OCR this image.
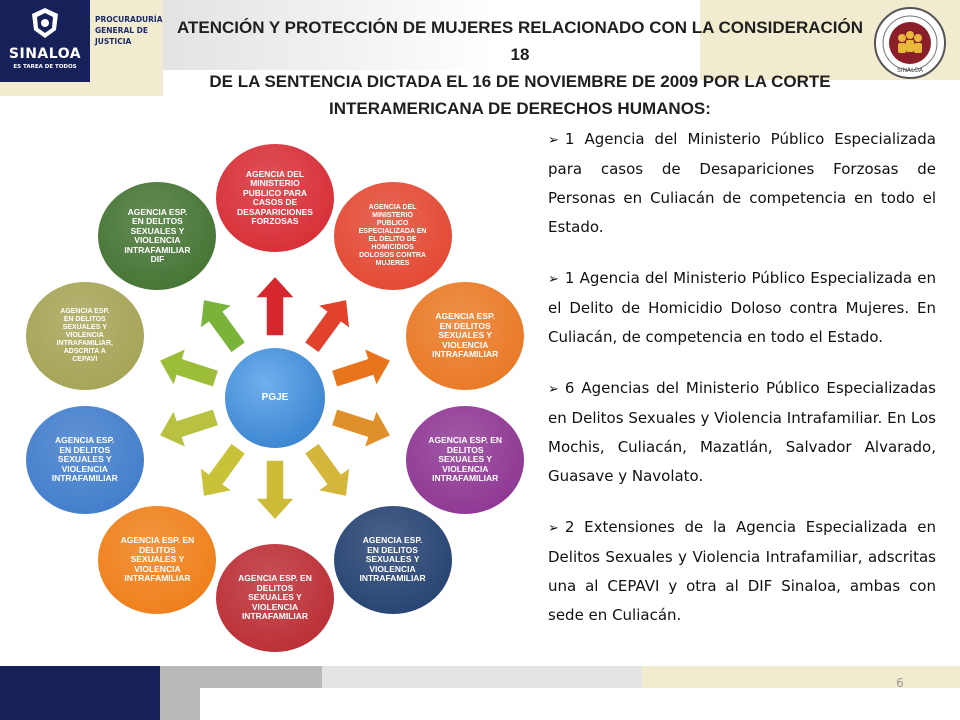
SINALOA
ES TAREA DE TODOS
PROCURADURÍA
GENERAL DE
JUSTICIA
SINALOA
ATENCIÓN Y PROTECCIÓN DE MUJERES RELACIONADO CON LA CONSIDERACIÓN 18
DE LA SENTENCIA DICTADA EL 16 DE NOVIEMBRE DE 2009 POR LA CORTE
INTERAMERICANA DE DERECHOS HUMANOS:
PGJE
AGENCIA DEL
MINISTERIO
PUBLICO PARA
CASOS DE
DESAPARICIONES
FORZOSAS
AGENCIA DEL
MINISTERIO
PUBLICO
ESPECIALIZADA EN
EL DELITO DE
HOMICIDIOS
DOLOSOS CONTRA
MUJERES
AGENCIA ESP.
EN DELITOS
SEXUALES Y
VIOLENCIA
INTRAFAMILIAR
AGENCIA ESP. EN
DELITOS
SEXUALES Y
VIOLENCIA
INTRAFAMILIAR
AGENCIA ESP.
EN DELITOS
SEXUALES Y
VIOLENCIA
INTRAFAMILIAR
AGENCIA ESP. EN
DELITOS
SEXUALES Y
VIOLENCIA
INTRAFAMILIAR
AGENCIA ESP. EN
DELITOS
SEXUALES Y
VIOLENCIA
INTRAFAMILIAR
AGENCIA ESP.
EN DELITOS
SEXUALES Y
VIOLENCIA
INTRAFAMILIAR
AGENCIA ESP.
EN DELITOS
SEXUALES Y
VIOLENCIA
INTRAFAMILIAR,
ADSCRITA A
CEPAVI
AGENCIA ESP.
EN DELITOS
SEXUALES Y
VIOLENCIA
INTRAFAMILIAR
DIF
➢ 1 Agencia del Ministerio Público Especializada para casos de Desapariciones Forzosas de Personas en Culiacán de competencia en todo el Estado.
➢ 1 Agencia del Ministerio Público Especializada en el Delito de Homicidio Doloso contra Mujeres. En Culiacán, de competencia en todo el Estado.
➢ 6 Agencias del Ministerio Público Especializadas en Delitos Sexuales y Violencia Intrafamiliar. En Los Mochis, Culiacán, Mazatlán, Salvador Alvarado, Guasave y Navolato.
➢ 2 Extensiones de la Agencia Especializada en Delitos Sexuales y Violencia Intrafamiliar, adscritas una al CEPAVI y otra al DIF Sinaloa, ambas con sede en Culiacán.
6
